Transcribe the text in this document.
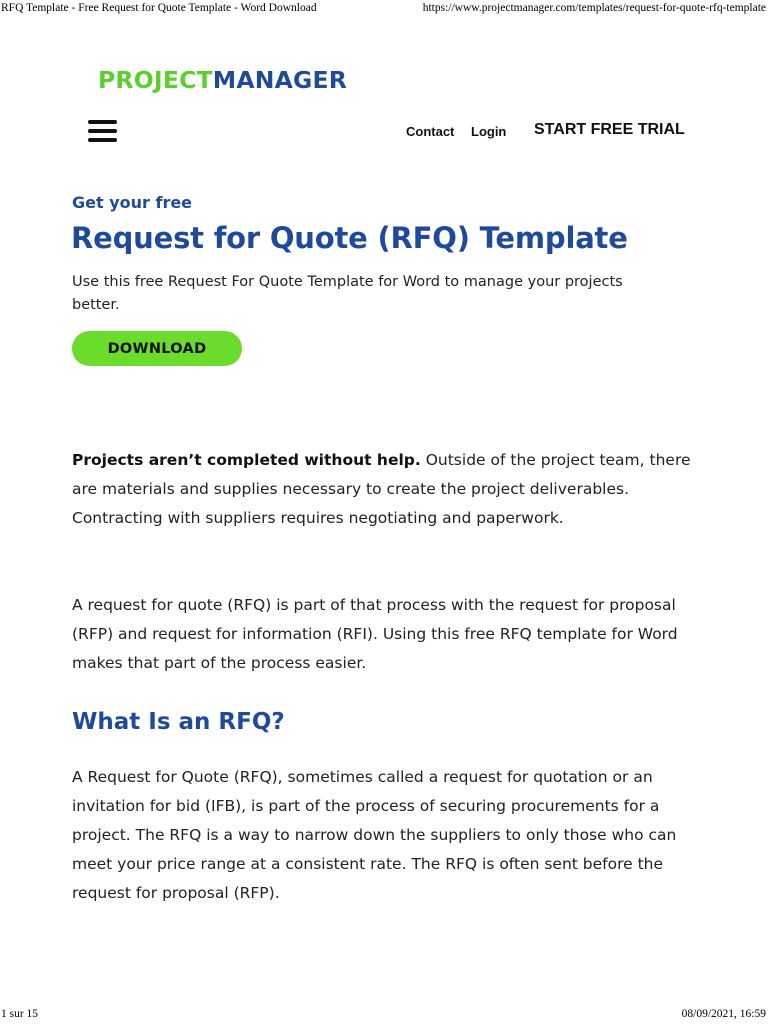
RFQ Template - Free Request for Quote Template - Word Download	https://www.projectmanager.com/templates/request-for-quote-rfq-template
PROJECTMANAGER
Contact Login START FREE TRIAL
Get your free
Request for Quote (RFQ) Template

Use this free Request For Quote Template for Word to manage your projects better.

DOWNLOAD

Projects aren’t completed without help. Outside of the project team, there are materials and supplies necessary to create the project deliverables. Contracting with suppliers requires negotiating and paperwork.

A request for quote (RFQ) is part of that process with the request for proposal (RFP) and request for information (RFI). Using this free RFQ template for Word makes that part of the process easier.

What Is an RFQ?

A Request for Quote (RFQ), sometimes called a request for quotation or an invitation for bid (IFB), is part of the process of securing procurements for a project. The RFQ is a way to narrow down the suppliers to only those who can meet your price range at a consistent rate. The RFQ is often sent before the request for proposal (RFP).

1 sur 15	08/09/2021, 16:59
